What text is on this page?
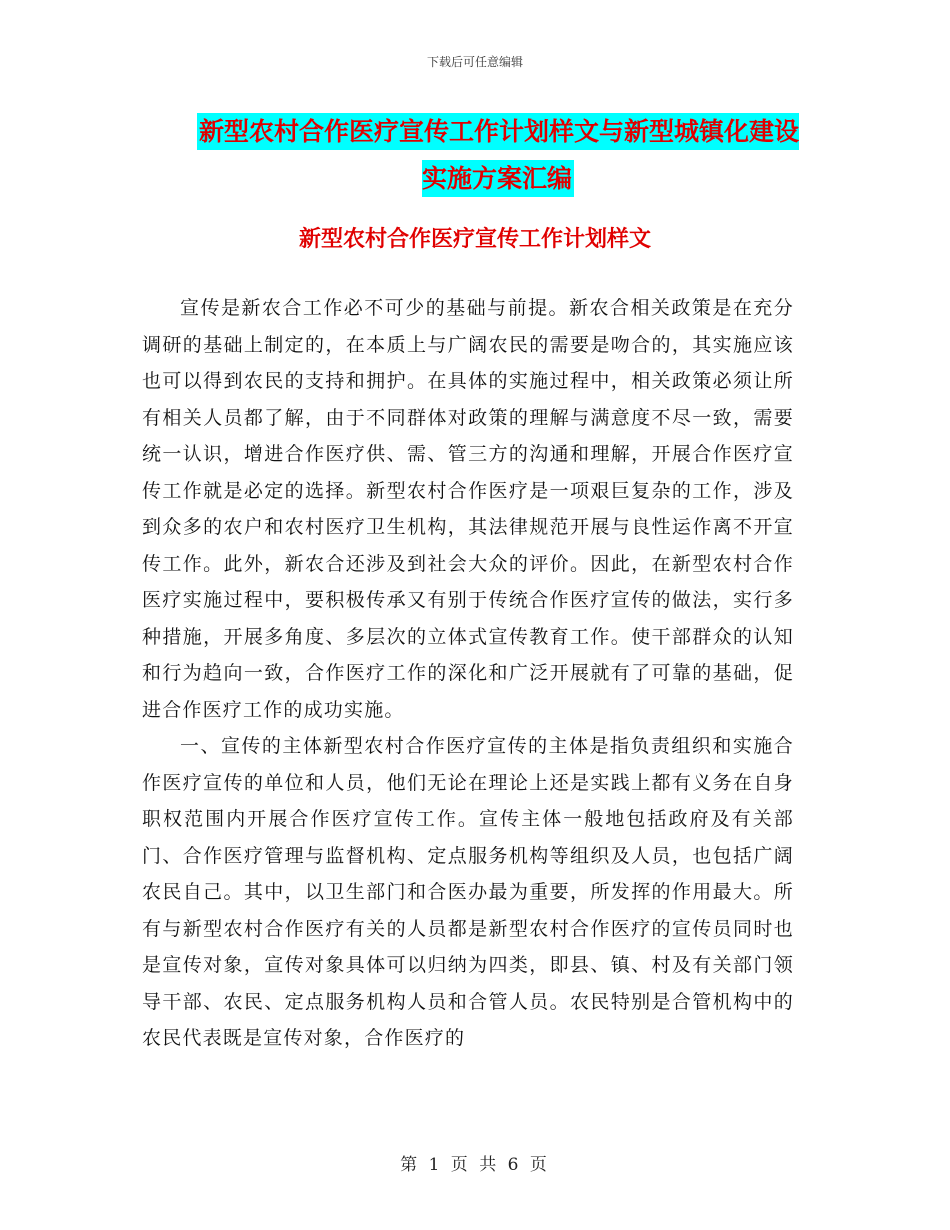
下载后可任意编辑
新型农村合作医疗宣传工作计划样文与新型城镇化建设实施方案汇编
新型农村合作医疗宣传工作计划样文

宣传是新农合工作必不可少的基础与前提。新农合相关政策是在充分调研的基础上制定的，在本质上与广阔农民的需要是吻合的，其实施应该也可以得到农民的支持和拥护。在具体的实施过程中，相关政策必须让所有相关人员都了解，由于不同群体对政策的理解与满意度不尽一致，需要统一认识，增进合作医疗供、需、管三方的沟通和理解，开展合作医疗宣传工作就是必定的选择。新型农村合作医疗是一项艰巨复杂的工作，涉及到众多的农户和农村医疗卫生机构，其法律规范开展与良性运作离不开宣传工作。此外，新农合还涉及到社会大众的评价。因此，在新型农村合作医疗实施过程中，要积极传承又有别于传统合作医疗宣传的做法，实行多种措施，开展多角度、多层次的立体式宣传教育工作。使干部群众的认知和行为趋向一致，合作医疗工作的深化和广泛开展就有了可靠的基础，促进合作医疗工作的成功实施。

一、宣传的主体新型农村合作医疗宣传的主体是指负责组织和实施合作医疗宣传的单位和人员，他们无论在理论上还是实践上都有义务在自身职权范围内开展合作医疗宣传工作。宣传主体一般地包括政府及有关部门、合作医疗管理与监督机构、定点服务机构等组织及人员，也包括广阔农民自己。其中，以卫生部门和合医办最为重要，所发挥的作用最大。所有与新型农村合作医疗有关的人员都是新型农村合作医疗的宣传员同时也是宣传对象，宣传对象具体可以归纳为四类，即县、镇、村及有关部门领导干部、农民、定点服务机构人员和合管人员。农民特别是合管机构中的农民代表既是宣传对象，合作医疗的

第 1 页 共 6 页
